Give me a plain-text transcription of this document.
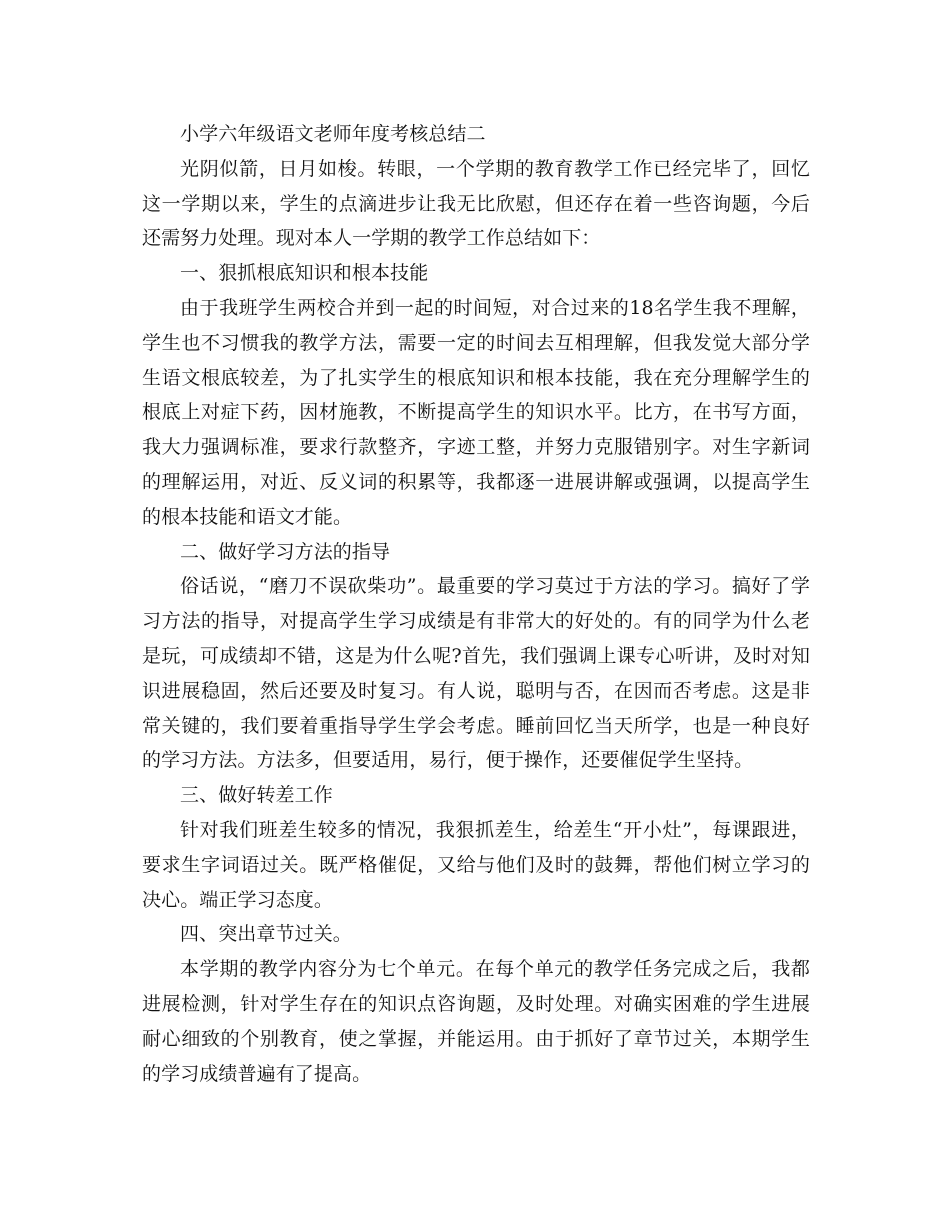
小学六年级语文老师年度考核总结二

光阴似箭，日月如梭。转眼，一个学期的教育教学工作已经完毕了，回忆这一学期以来，学生的点滴进步让我无比欣慰，但还存在着一些咨询题，今后还需努力处理。现对本人一学期的教学工作总结如下：

一、狠抓根底知识和根本技能

由于我班学生两校合并到一起的时间短，对合过来的18名学生我不理解，学生也不习惯我的教学方法，需要一定的时间去互相理解，但我发觉大部分学生语文根底较差，为了扎实学生的根底知识和根本技能，我在充分理解学生的根底上对症下药，因材施教，不断提高学生的知识水平。比方，在书写方面，我大力强调标准，要求行款整齐，字迹工整，并努力克服错别字。对生字新词的理解运用，对近、反义词的积累等，我都逐一进展讲解或强调，以提高学生的根本技能和语文才能。

二、做好学习方法的指导

俗话说，“磨刀不误砍柴功”。最重要的学习莫过于方法的学习。搞好了学习方法的指导，对提高学生学习成绩是有非常大的好处的。有的同学为什么老是玩，可成绩却不错，这是为什么呢?首先，我们强调上课专心听讲，及时对知识进展稳固，然后还要及时复习。有人说，聪明与否，在因而否考虑。这是非常关键的，我们要着重指导学生学会考虑。睡前回忆当天所学，也是一种良好的学习方法。方法多，但要适用，易行，便于操作，还要催促学生坚持。

三、做好转差工作

针对我们班差生较多的情况，我狠抓差生，给差生“开小灶”，每课跟进，要求生字词语过关。既严格催促，又给与他们及时的鼓舞，帮他们树立学习的决心。端正学习态度。

四、突出章节过关。

本学期的教学内容分为七个单元。在每个单元的教学任务完成之后，我都进展检测，针对学生存在的知识点咨询题，及时处理。对确实困难的学生进展耐心细致的个别教育，使之掌握，并能运用。由于抓好了章节过关，本期学生的学习成绩普遍有了提高。
